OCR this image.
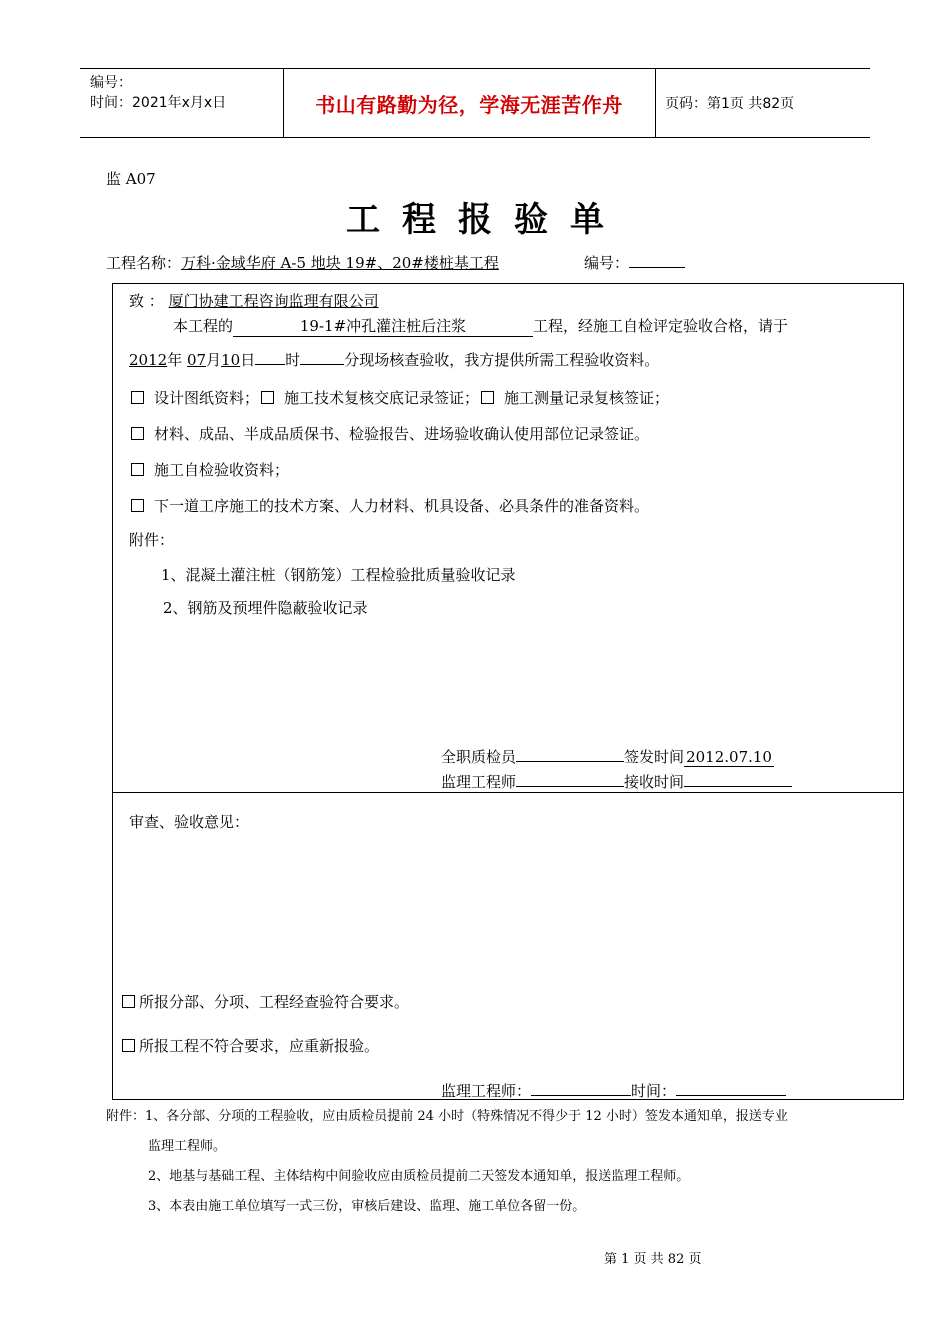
编号：
时间：2021年x月x日	书山有路勤为径，学海无涯苦作舟	页码：第1页 共82页
监 A07
工程报验单
工程名称：万科·金域华府 A-5 地块 19#、20#楼桩基工程	编号：
致 ： 厦门协建工程咨询监理有限公司
本工程的	19-1#冲孔灌注桩后注浆	工程，经施工自检评定验收合格，请于
2012年 07月10日 时	分现场核查验收，我方提供所需工程验收资料。
设计图纸资料； 施工技术复核交底记录签证； 施工测量记录复核签证；
材料、成品、半成品质保书、检验报告、进场验收确认使用部位记录签证。
施工自检验收资料；
下一道工序施工的技术方案、人力材料、机具设备、必具条件的准备资料。
附件：
1、混凝土灌注桩（钢筋笼）工程检验批质量验收记录
2、钢筋及预埋件隐蔽验收记录
全职质检员	签发时间 2012.07.10
监理工程师	接收时间
审查、验收意见：
所报分部、分项、工程经查验符合要求。
所报工程不符合要求，应重新报验。
监理工程师：	时间：
附件：1、各分部、分项的工程验收，应由质检员提前 24 小时（特殊情况不得少于 12 小时）签发本通知单，报送专业
监理工程师。
2、地基与基础工程、主体结构中间验收应由质检员提前二天签发本通知单，报送监理工程师。
3、本表由施工单位填写一式三份，审核后建设、监理、施工单位各留一份。
第 1 页 共 82 页
